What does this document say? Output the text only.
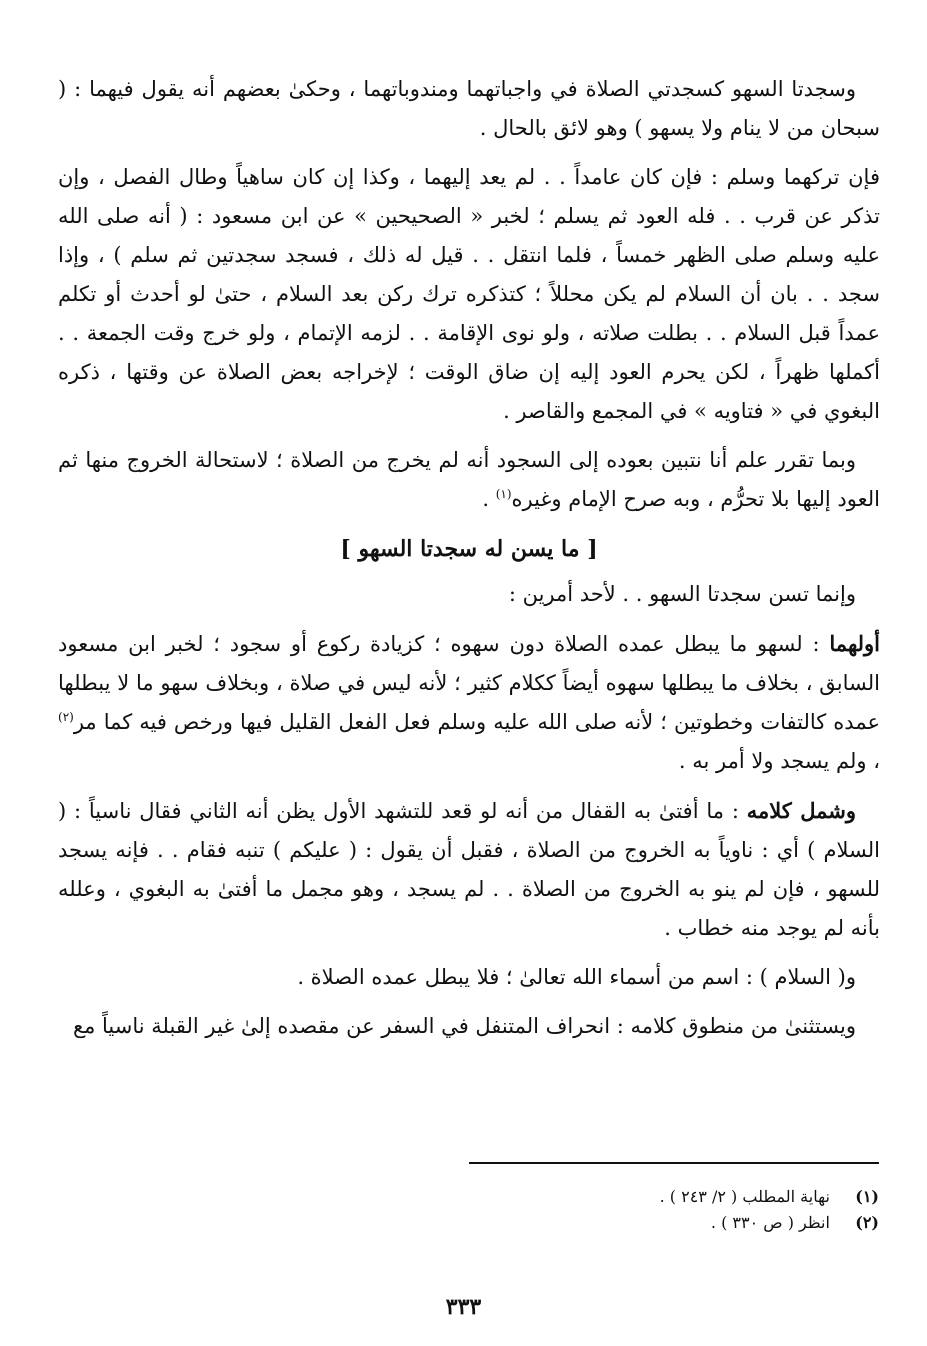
وسجدتا السهو كسجدتي الصلاة في واجباتهما ومندوباتهما ، وحكىٰ بعضهم أنه يقول فيهما : ( سبحان من لا ينام ولا يسهو ) وهو لائق بالحال .

فإن تركهما وسلم : فإن كان عامداً . . لم يعد إليهما ، وكذا إن كان ساهياً وطال الفصل ، وإن تذكر عن قرب . . فله العود ثم يسلم ؛ لخبر « الصحيحين » عن ابن مسعود : ( أنه صلى الله عليه وسلم صلى الظهر خمساً ، فلما انتقل . . قيل له ذلك ، فسجد سجدتين ثم سلم ) ، وإذا سجد . . بان أن السلام لم يكن محللاً ؛ كتذكره ترك ركن بعد السلام ، حتىٰ لو أحدث أو تكلم عمداً قبل السلام . . بطلت صلاته ، ولو نوى الإقامة . . لزمه الإتمام ، ولو خرج وقت الجمعة . . أكملها ظهراً ، لكن يحرم العود إليه إن ضاق الوقت ؛ لإخراجه بعض الصلاة عن وقتها ، ذكره البغوي في « فتاويه » في المجمع والقاصر .

وبما تقرر علم أنا نتبين بعوده إلى السجود أنه لم يخرج من الصلاة ؛ لاستحالة الخروج منها ثم العود إليها بلا تحرُّم ، وبه صرح الإمام وغيره$^{(١)}$ .

[ ما يسن له سجدتا السهو ]

وإنما تسن سجدتا السهو . . لأحد أمرين :

أولهما : لسهو ما يبطل عمده الصلاة دون سهوه ؛ كزيادة ركوع أو سجود ؛ لخبر ابن مسعود السابق ، بخلاف ما يبطلها سهوه أيضاً ككلام كثير ؛ لأنه ليس في صلاة ، وبخلاف سهو ما لا يبطلها عمده كالتفات وخطوتين ؛ لأنه صلى الله عليه وسلم فعل الفعل القليل فيها ورخص فيه كما مر$^{(٢)}$ ، ولم يسجد ولا أمر به .

وشمل كلامه : ما أفتىٰ به القفال من أنه لو قعد للتشهد الأول يظن أنه الثاني فقال ناسياً : ( السلام ) أي : ناوياً به الخروج من الصلاة ، فقبل أن يقول : ( عليكم ) تنبه فقام . . فإنه يسجد للسهو ، فإن لم ينو به الخروج من الصلاة . . لم يسجد ، وهو مجمل ما أفتىٰ به البغوي ، وعلله بأنه لم يوجد منه خطاب .

و( السلام ) : اسم من أسماء الله تعالىٰ ؛ فلا يبطل عمده الصلاة .

ويستثنىٰ من منطوق كلامه : انحراف المتنفل في السفر عن مقصده إلىٰ غير القبلة ناسياً مع

(١) نهاية المطلب ( ٢/ ٢٤٣ ) .
(٢) انظر ( ص ٣٣٠ ) .
٣٣٣
